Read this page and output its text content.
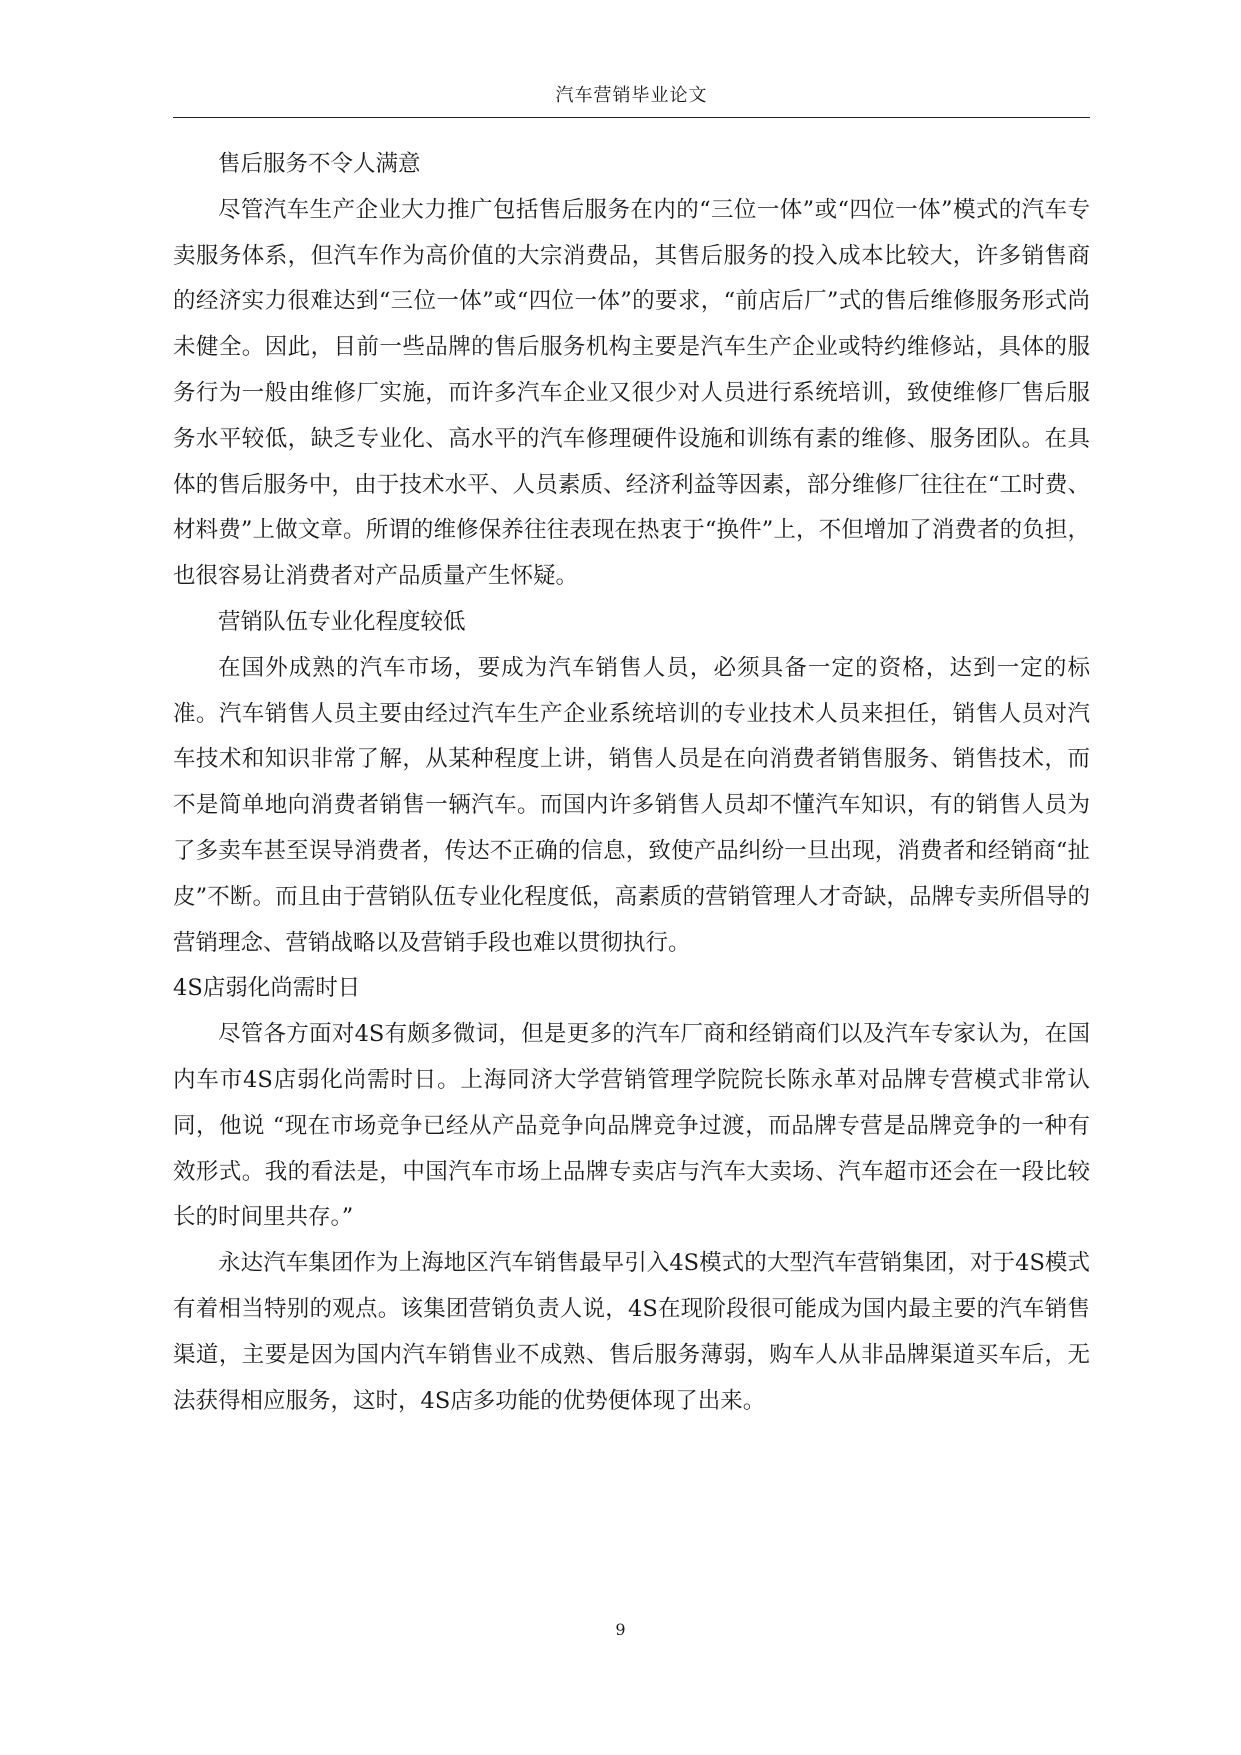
汽车营销毕业论文

售后服务不令人满意

尽管汽车生产企业大力推广包括售后服务在内的“三位一体”或“四位一体”模式的汽车专卖服务体系，但汽车作为高价值的大宗消费品，其售后服务的投入成本比较大，许多销售商的经济实力很难达到“三位一体”或“四位一体”的要求，“前店后厂”式的售后维修服务形式尚未健全。因此，目前一些品牌的售后服务机构主要是汽车生产企业或特约维修站，具体的服务行为一般由维修厂实施，而许多汽车企业又很少对人员进行系统培训，致使维修厂售后服务水平较低，缺乏专业化、高水平的汽车修理硬件设施和训练有素的维修、服务团队。在具体的售后服务中，由于技术水平、人员素质、经济利益等因素，部分维修厂往往在“工时费、材料费”上做文章。所谓的维修保养往往表现在热衷于“换件”上，不但增加了消费者的负担，也很容易让消费者对产品质量产生怀疑。

营销队伍专业化程度较低

在国外成熟的汽车市场，要成为汽车销售人员，必须具备一定的资格，达到一定的标准。汽车销售人员主要由经过汽车生产企业系统培训的专业技术人员来担任，销售人员对汽车技术和知识非常了解，从某种程度上讲，销售人员是在向消费者销售服务、销售技术，而不是简单地向消费者销售一辆汽车。而国内许多销售人员却不懂汽车知识，有的销售人员为了多卖车甚至误导消费者，传达不正确的信息，致使产品纠纷一旦出现，消费者和经销商“扯皮”不断。而且由于营销队伍专业化程度低，高素质的营销管理人才奇缺，品牌专卖所倡导的营销理念、营销战略以及营销手段也难以贯彻执行。

4S店弱化尚需时日

尽管各方面对4S有颇多微词，但是更多的汽车厂商和经销商们以及汽车专家认为，在国内车市4S店弱化尚需时日。上海同济大学营销管理学院院长陈永革对品牌专营模式非常认同，他说 “现在市场竞争已经从产品竞争向品牌竞争过渡，而品牌专营是品牌竞争的一种有效形式。我的看法是，中国汽车市场上品牌专卖店与汽车大卖场、汽车超市还会在一段比较长的时间里共存。”

永达汽车集团作为上海地区汽车销售最早引入4S模式的大型汽车营销集团，对于4S模式有着相当特别的观点。该集团营销负责人说，4S在现阶段很可能成为国内最主要的汽车销售渠道，主要是因为国内汽车销售业不成熟、售后服务薄弱，购车人从非品牌渠道买车后，无法获得相应服务，这时，4S店多功能的优势便体现了出来。

9
